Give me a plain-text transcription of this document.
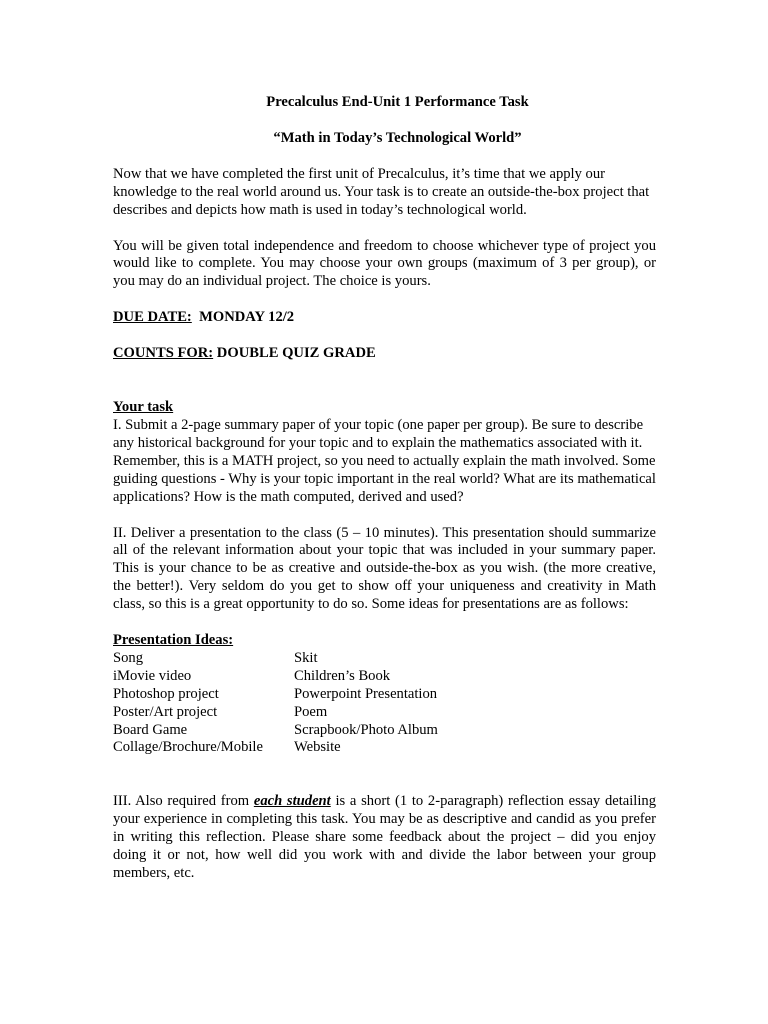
Precalculus End-Unit 1 Performance Task

“Math in Today’s Technological World”

Now that we have completed the first unit of Precalculus, it’s time that we apply our knowledge to the real world around us. Your task is to create an outside-the-box project that describes and depicts how math is used in today’s technological world.

You will be given total independence and freedom to choose whichever type of project you would like to complete. You may choose your own groups (maximum of 3 per group), or you may do an individual project. The choice is yours.

DUE DATE: MONDAY 12/2

COUNTS FOR: DOUBLE QUIZ GRADE

Your task

I. Submit a 2-page summary paper of your topic (one paper per group). Be sure to describe any historical background for your topic and to explain the mathematics associated with it. Remember, this is a MATH project, so you need to actually explain the math involved. Some guiding questions - Why is your topic important in the real world? What are its mathematical applications? How is the math computed, derived and used?

II. Deliver a presentation to the class (5 – 10 minutes). This presentation should summarize all of the relevant information about your topic that was included in your summary paper. This is your chance to be as creative and outside-the-box as you wish. (the more creative, the better!). Very seldom do you get to show off your uniqueness and creativity in Math class, so this is a great opportunity to do so. Some ideas for presentations are as follows:

Presentation Ideas:

Song	Skit
iMovie video	Children’s Book
Photoshop project	Powerpoint Presentation
Poster/Art project	Poem
Board Game	Scrapbook/Photo Album
Collage/Brochure/Mobile	Website

III. Also required from each student is a short (1 to 2-paragraph) reflection essay detailing your experience in completing this task. You may be as descriptive and candid as you prefer in writing this reflection. Please share some feedback about the project – did you enjoy doing it or not, how well did you work with and divide the labor between your group members, etc.
